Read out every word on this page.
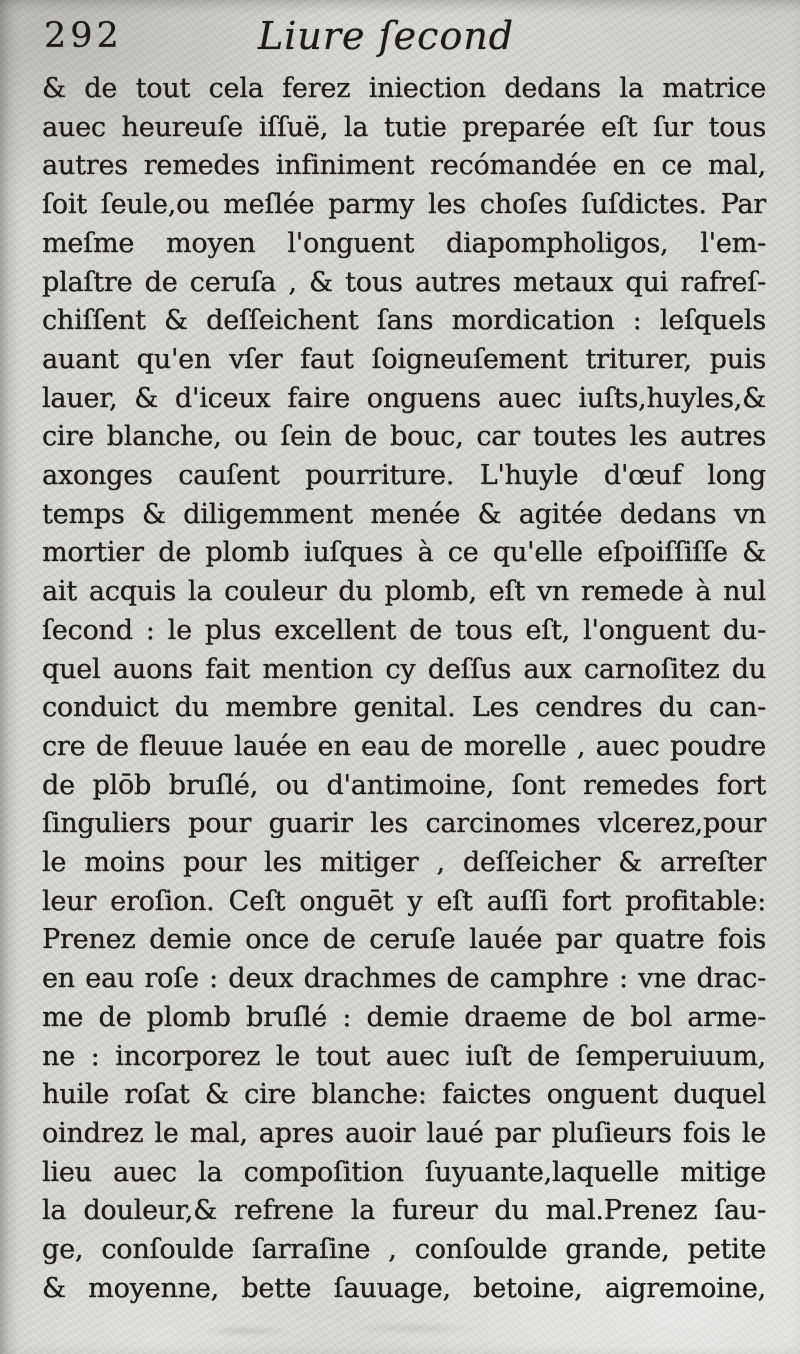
292	Liure ſecond

& de tout cela ferez iniection dedans la matrice

auec heureuſe iſſuë, la tutie preparée eſt ſur tous

autres remedes infiniment recómandée en ce mal,

ſoit ſeule,ou meſlée parmy les choſes ſuſdictes. Par

meſme moyen l'onguent diapompholigos, l'em-

plaſtre de ceruſa , & tous autres metaux qui rafreſ-

chiſſent & deſſeichent ſans mordication : leſquels

auant qu'en vſer faut ſoigneuſement triturer, puis

lauer, & d'iceux faire onguens auec iuſts,huyles,&

cire blanche, ou ſein de bouc, car toutes les autres

axonges cauſent pourriture. L'huyle d'œuf long

temps & diligemment menée & agitée dedans vn

mortier de plomb iuſques à ce qu'elle eſpoiſſiſſe &

ait acquis la couleur du plomb, eſt vn remede à nul

ſecond : le plus excellent de tous eſt, l'onguent du-

quel auons fait mention cy deſſus aux carnoſitez du

conduict du membre genital. Les cendres du can-

cre de fleuue lauée en eau de morelle , auec poudre

de plōb bruſlé, ou d'antimoine, ſont remedes fort

ſinguliers pour guarir les carcinomes vlcerez,pour

le moins pour les mitiger , deſſeicher & arreſter

leur eroſion. Ceſt onguēt y eſt auſſi fort profitable:

Prenez demie once de ceruſe lauée par quatre fois

en eau roſe : deux drachmes de camphre : vne drac-

me de plomb bruſlé : demie draeme de bol arme-

ne : incorporez le tout auec iuſt de ſemperuiuum,

huile roſat & cire blanche: faictes onguent duquel

oindrez le mal, apres auoir laué par pluſieurs fois le

lieu auec la compoſition ſuyuante,laquelle mitige

la douleur,& refrene la fureur du mal.Prenez ſau-

ge, conſoulde ſarraſine , conſoulde grande, petite

& moyenne, bette ſauuage, betoine, aigremoine,
